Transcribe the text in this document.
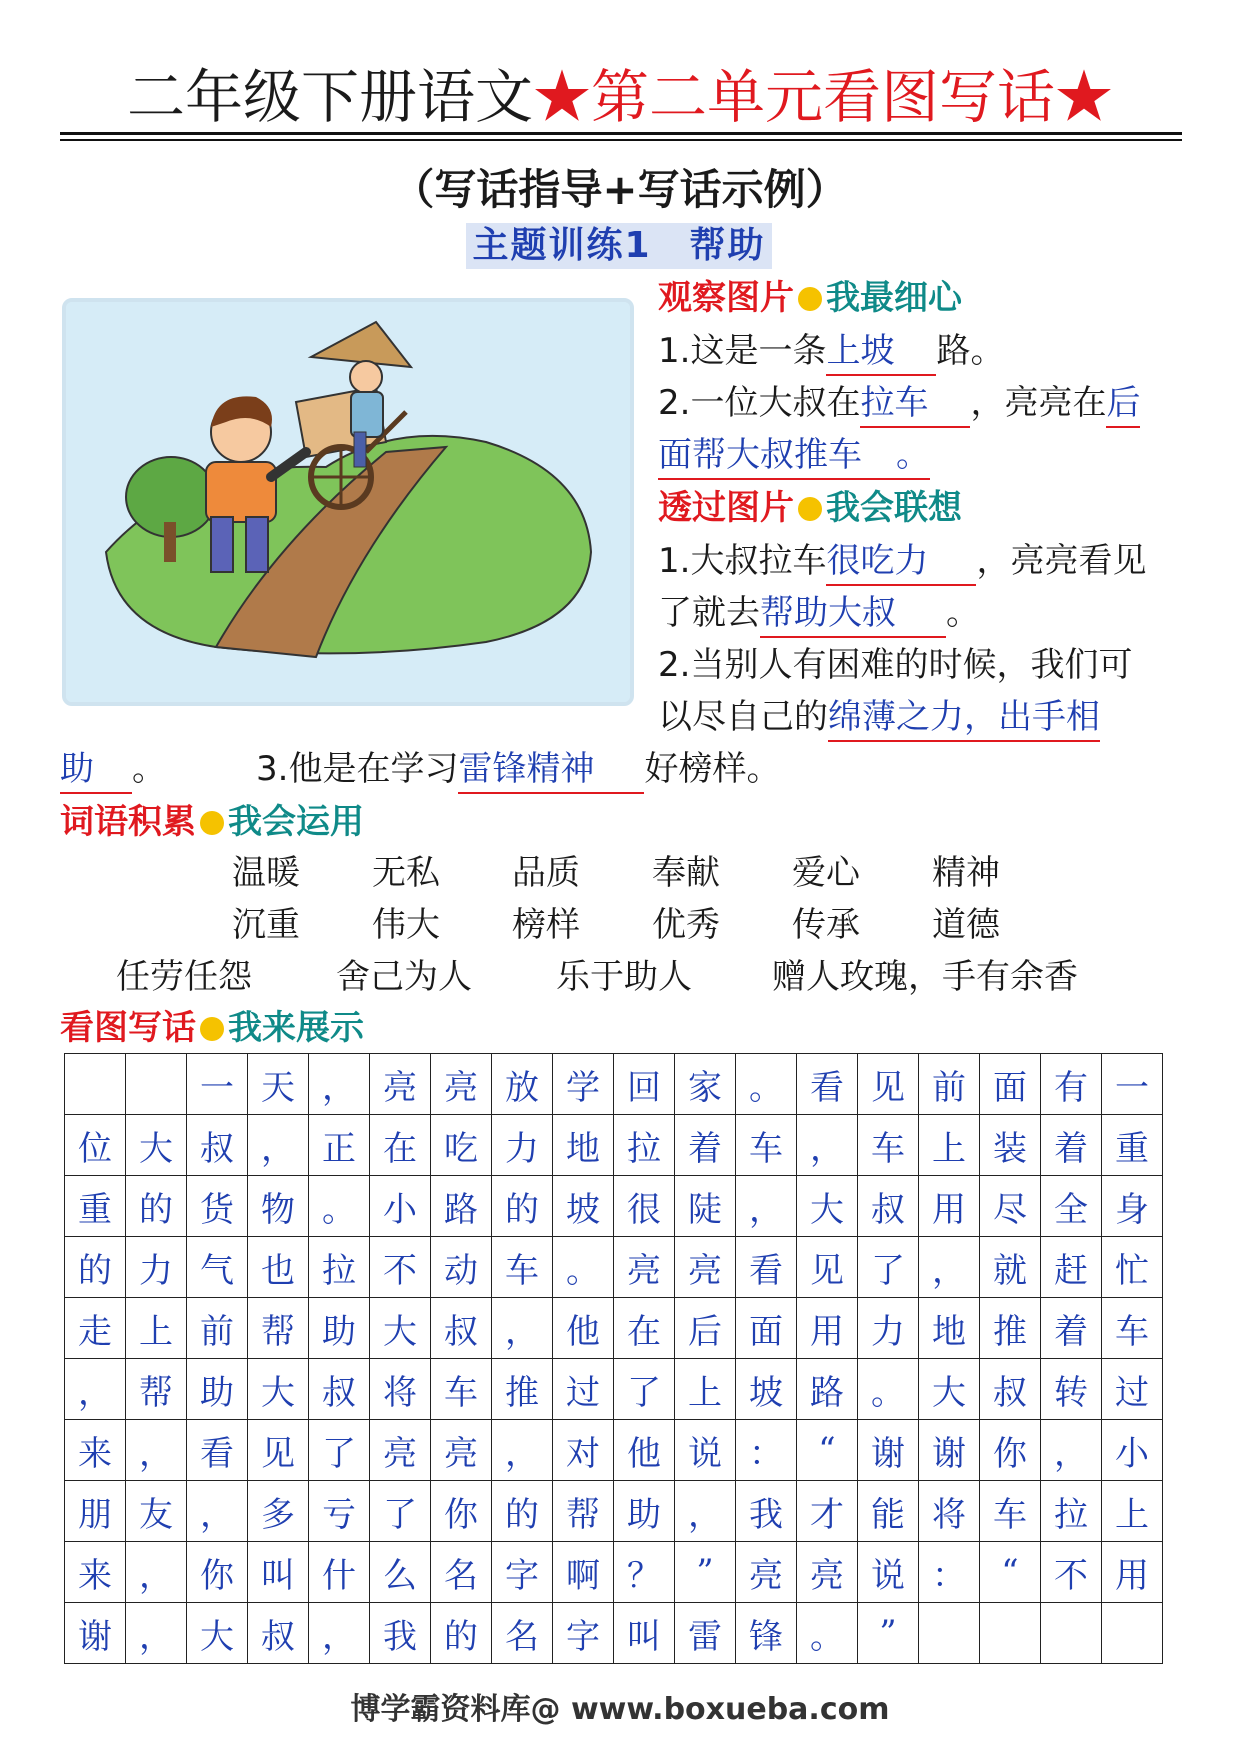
二年级下册语文★第二单元看图写话★
（写话指导+写话示例）
主题训练1　帮助
观察图片 我最细心
1.这是一条上坡　路。
2.一位大叔在拉车　　，亮亮在后
面帮大叔推车　。
透过图片 我会联想
1.大叔拉车很吃力　，亮亮看见
了就去帮助大叔　。
2.当别人有困难的时候，我们可
以尽自己的绵薄之力，出手相
助　。	3.他是在学习雷锋精神　好榜样。
词语积累 我会运用
温暖 无私 品质 奉献 爱心 精神
沉重 伟大 榜样 优秀 传承 道德
任劳任怨 舍己为人 乐于助人 赠人玫瑰，手有余香
看图写话 我来展示
		一	天	，	亮	亮	放	学	回	家	。	看	见	前	面	有	一
位	大	叔	，	正	在	吃	力	地	拉	着	车	，	车	上	装	着	重
重	的	货	物	。	小	路	的	坡	很	陡	，	大	叔	用	尽	全	身
的	力	气	也	拉	不	动	车	。	亮	亮	看	见	了	，	就	赶	忙
走	上	前	帮	助	大	叔	，	他	在	后	面	用	力	地	推	着	车
，	帮	助	大	叔	将	车	推	过	了	上	坡	路	。	大	叔	转	过
来	，	看	见	了	亮	亮	，	对	他	说	：	“	谢	谢	你	，	小
朋	友	，	多	亏	了	你	的	帮	助	，	我	才	能	将	车	拉	上
来	，	你	叫	什	么	名	字	啊	？	”	亮	亮	说	：	“	不	用
谢	，	大	叔	，	我	的	名	字	叫	雷	锋	。	”				
博学霸资料库@ www.boxueba.com
